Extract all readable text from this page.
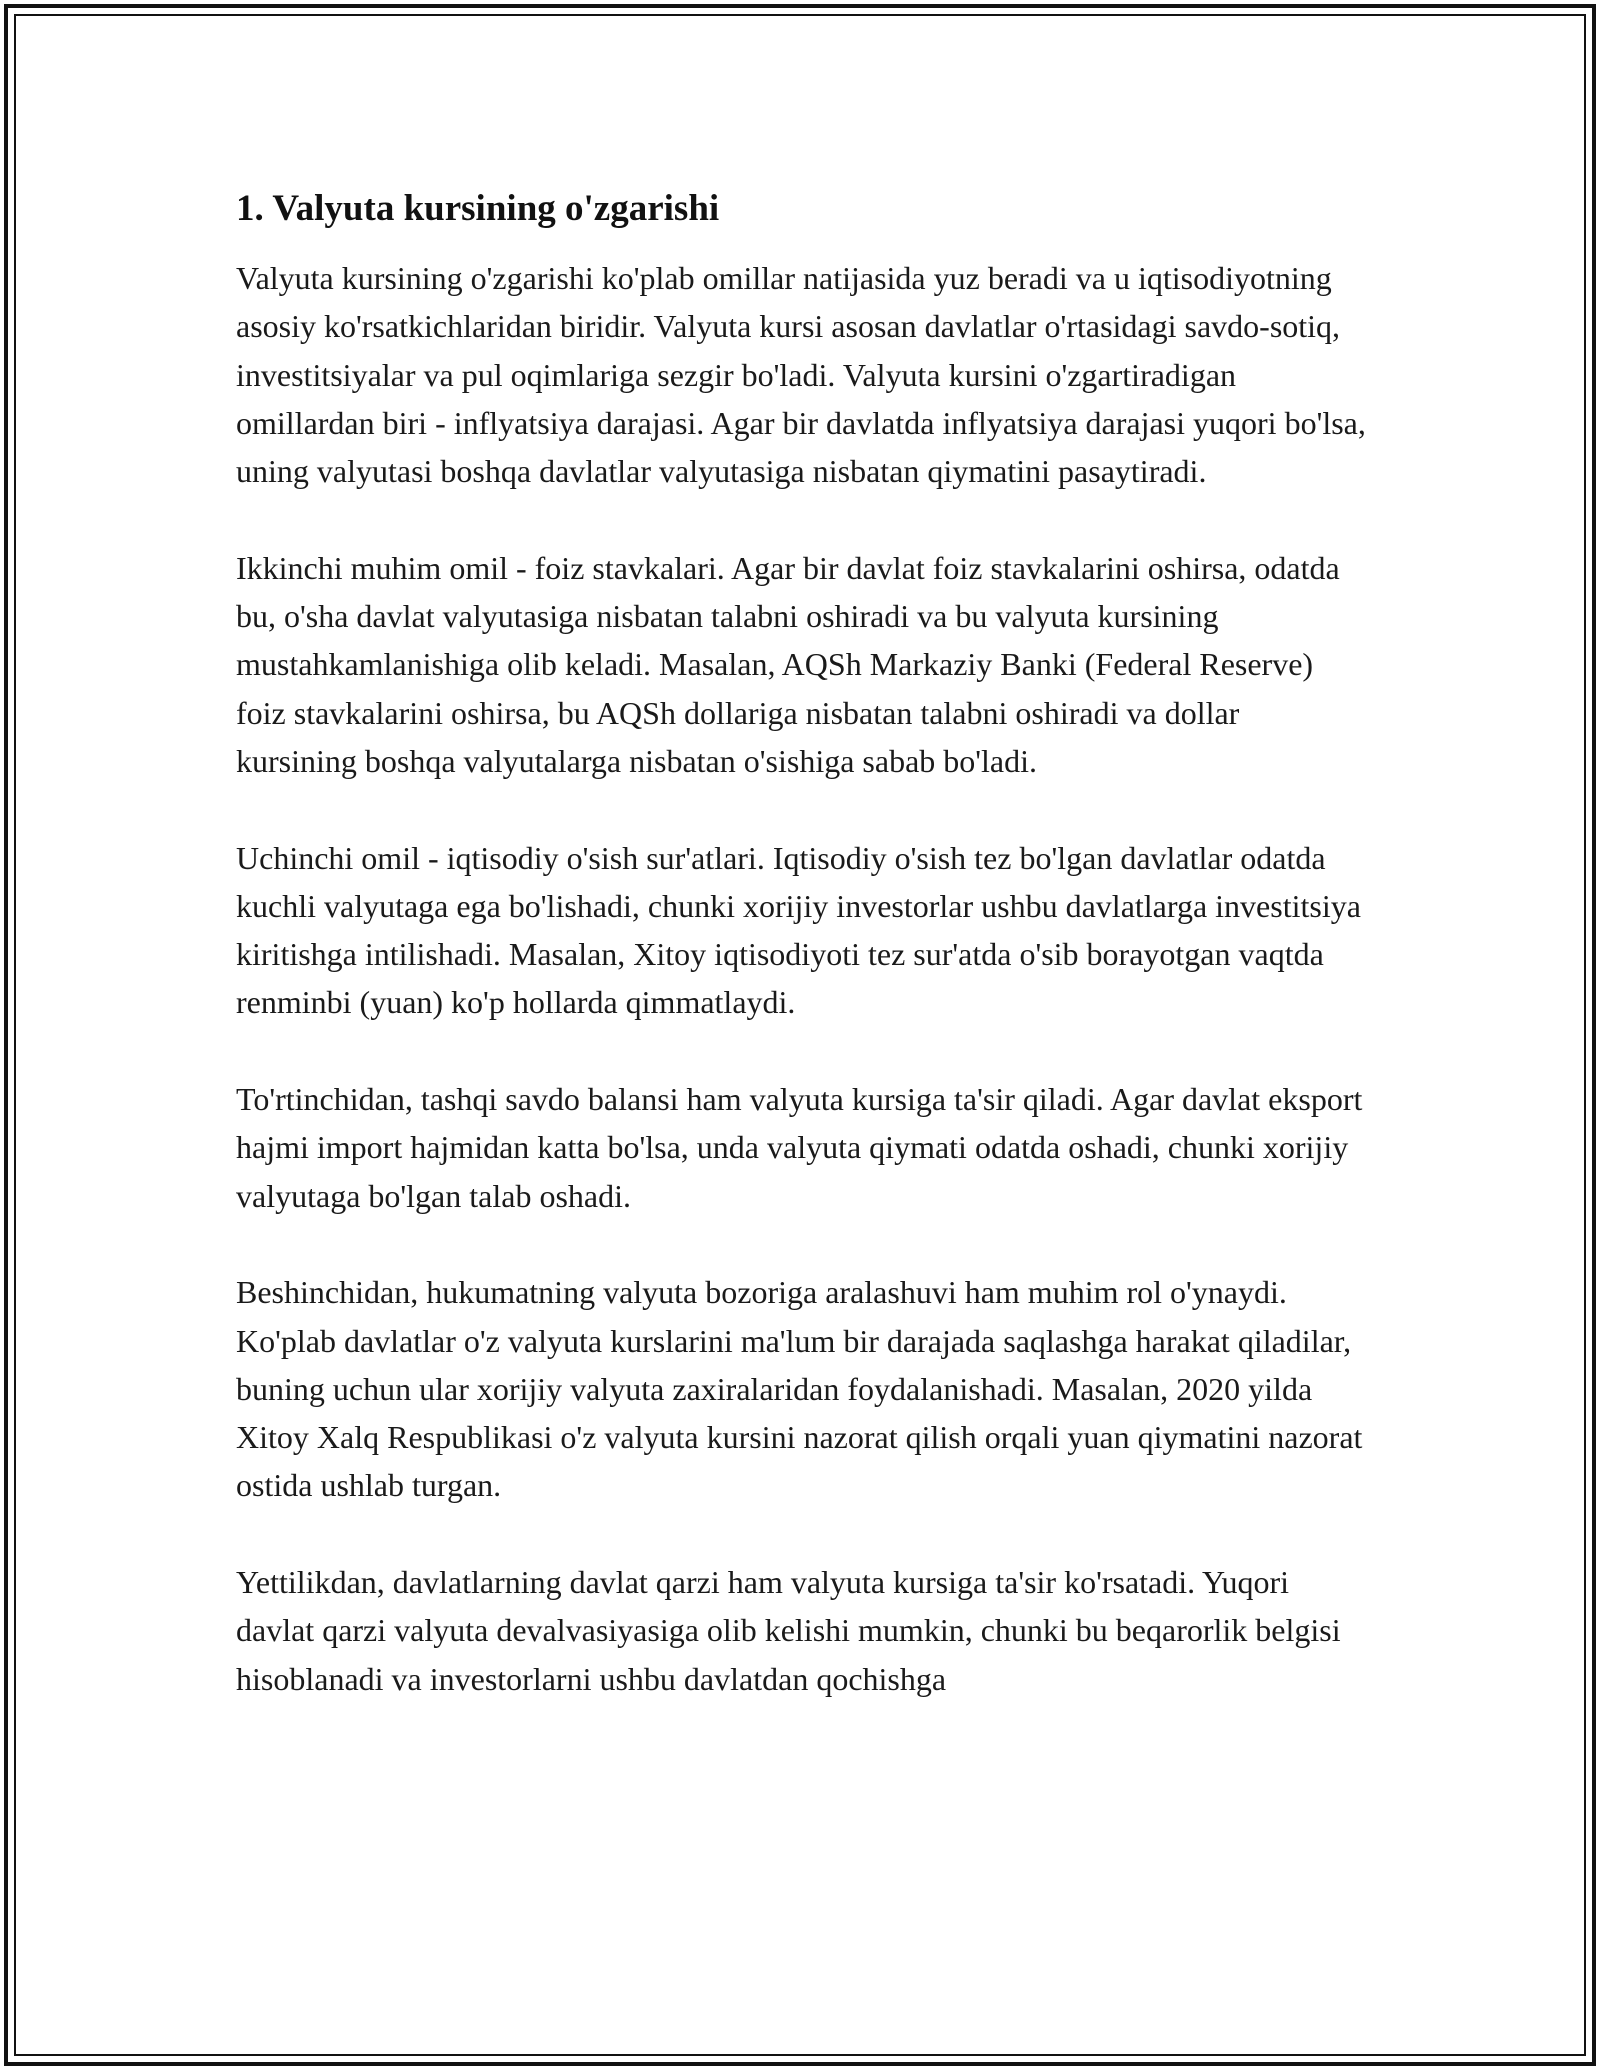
1. Valyuta kursining o'zgarishi

Valyuta kursining o'zgarishi ko'plab omillar natijasida yuz beradi va u iqtisodiyotning asosiy ko'rsatkichlaridan biridir. Valyuta kursi asosan davlatlar o'rtasidagi savdo-sotiq, investitsiyalar va pul oqimlariga sezgir bo'ladi. Valyuta kursini o'zgartiradigan omillardan biri - inflyatsiya darajasi. Agar bir davlatda inflyatsiya darajasi yuqori bo'lsa, uning valyutasi boshqa davlatlar valyutasiga nisbatan qiymatini pasaytiradi.

Ikkinchi muhim omil - foiz stavkalari. Agar bir davlat foiz stavkalarini oshirsa, odatda bu, o'sha davlat valyutasiga nisbatan talabni oshiradi va bu valyuta kursining mustahkamlanishiga olib keladi. Masalan, AQSh Markaziy Banki (Federal Reserve) foiz stavkalarini oshirsa, bu AQSh dollariga nisbatan talabni oshiradi va dollar kursining boshqa valyutalarga nisbatan o'sishiga sabab bo'ladi.

Uchinchi omil - iqtisodiy o'sish sur'atlari. Iqtisodiy o'sish tez bo'lgan davlatlar odatda kuchli valyutaga ega bo'lishadi, chunki xorijiy investorlar ushbu davlatlarga investitsiya kiritishga intilishadi. Masalan, Xitoy iqtisodiyoti tez sur'atda o'sib borayotgan vaqtda renminbi (yuan) ko'p hollarda qimmatlaydi.

To'rtinchidan, tashqi savdo balansi ham valyuta kursiga ta'sir qiladi. Agar davlat eksport hajmi import hajmidan katta bo'lsa, unda valyuta qiymati odatda oshadi, chunki xorijiy valyutaga bo'lgan talab oshadi.

Beshinchidan, hukumatning valyuta bozoriga aralashuvi ham muhim rol o'ynaydi. Ko'plab davlatlar o'z valyuta kurslarini ma'lum bir darajada saqlashga harakat qiladilar, buning uchun ular xorijiy valyuta zaxiralaridan foydalanishadi. Masalan, 2020 yilda Xitoy Xalq Respublikasi o'z valyuta kursini nazorat qilish orqali yuan qiymatini nazorat ostida ushlab turgan.

Yettilikdan, davlatlarning davlat qarzi ham valyuta kursiga ta'sir ko'rsatadi. Yuqori davlat qarzi valyuta devalvasiyasiga olib kelishi mumkin, chunki bu beqarorlik belgisi hisoblanadi va investorlarni ushbu davlatdan qochishga
